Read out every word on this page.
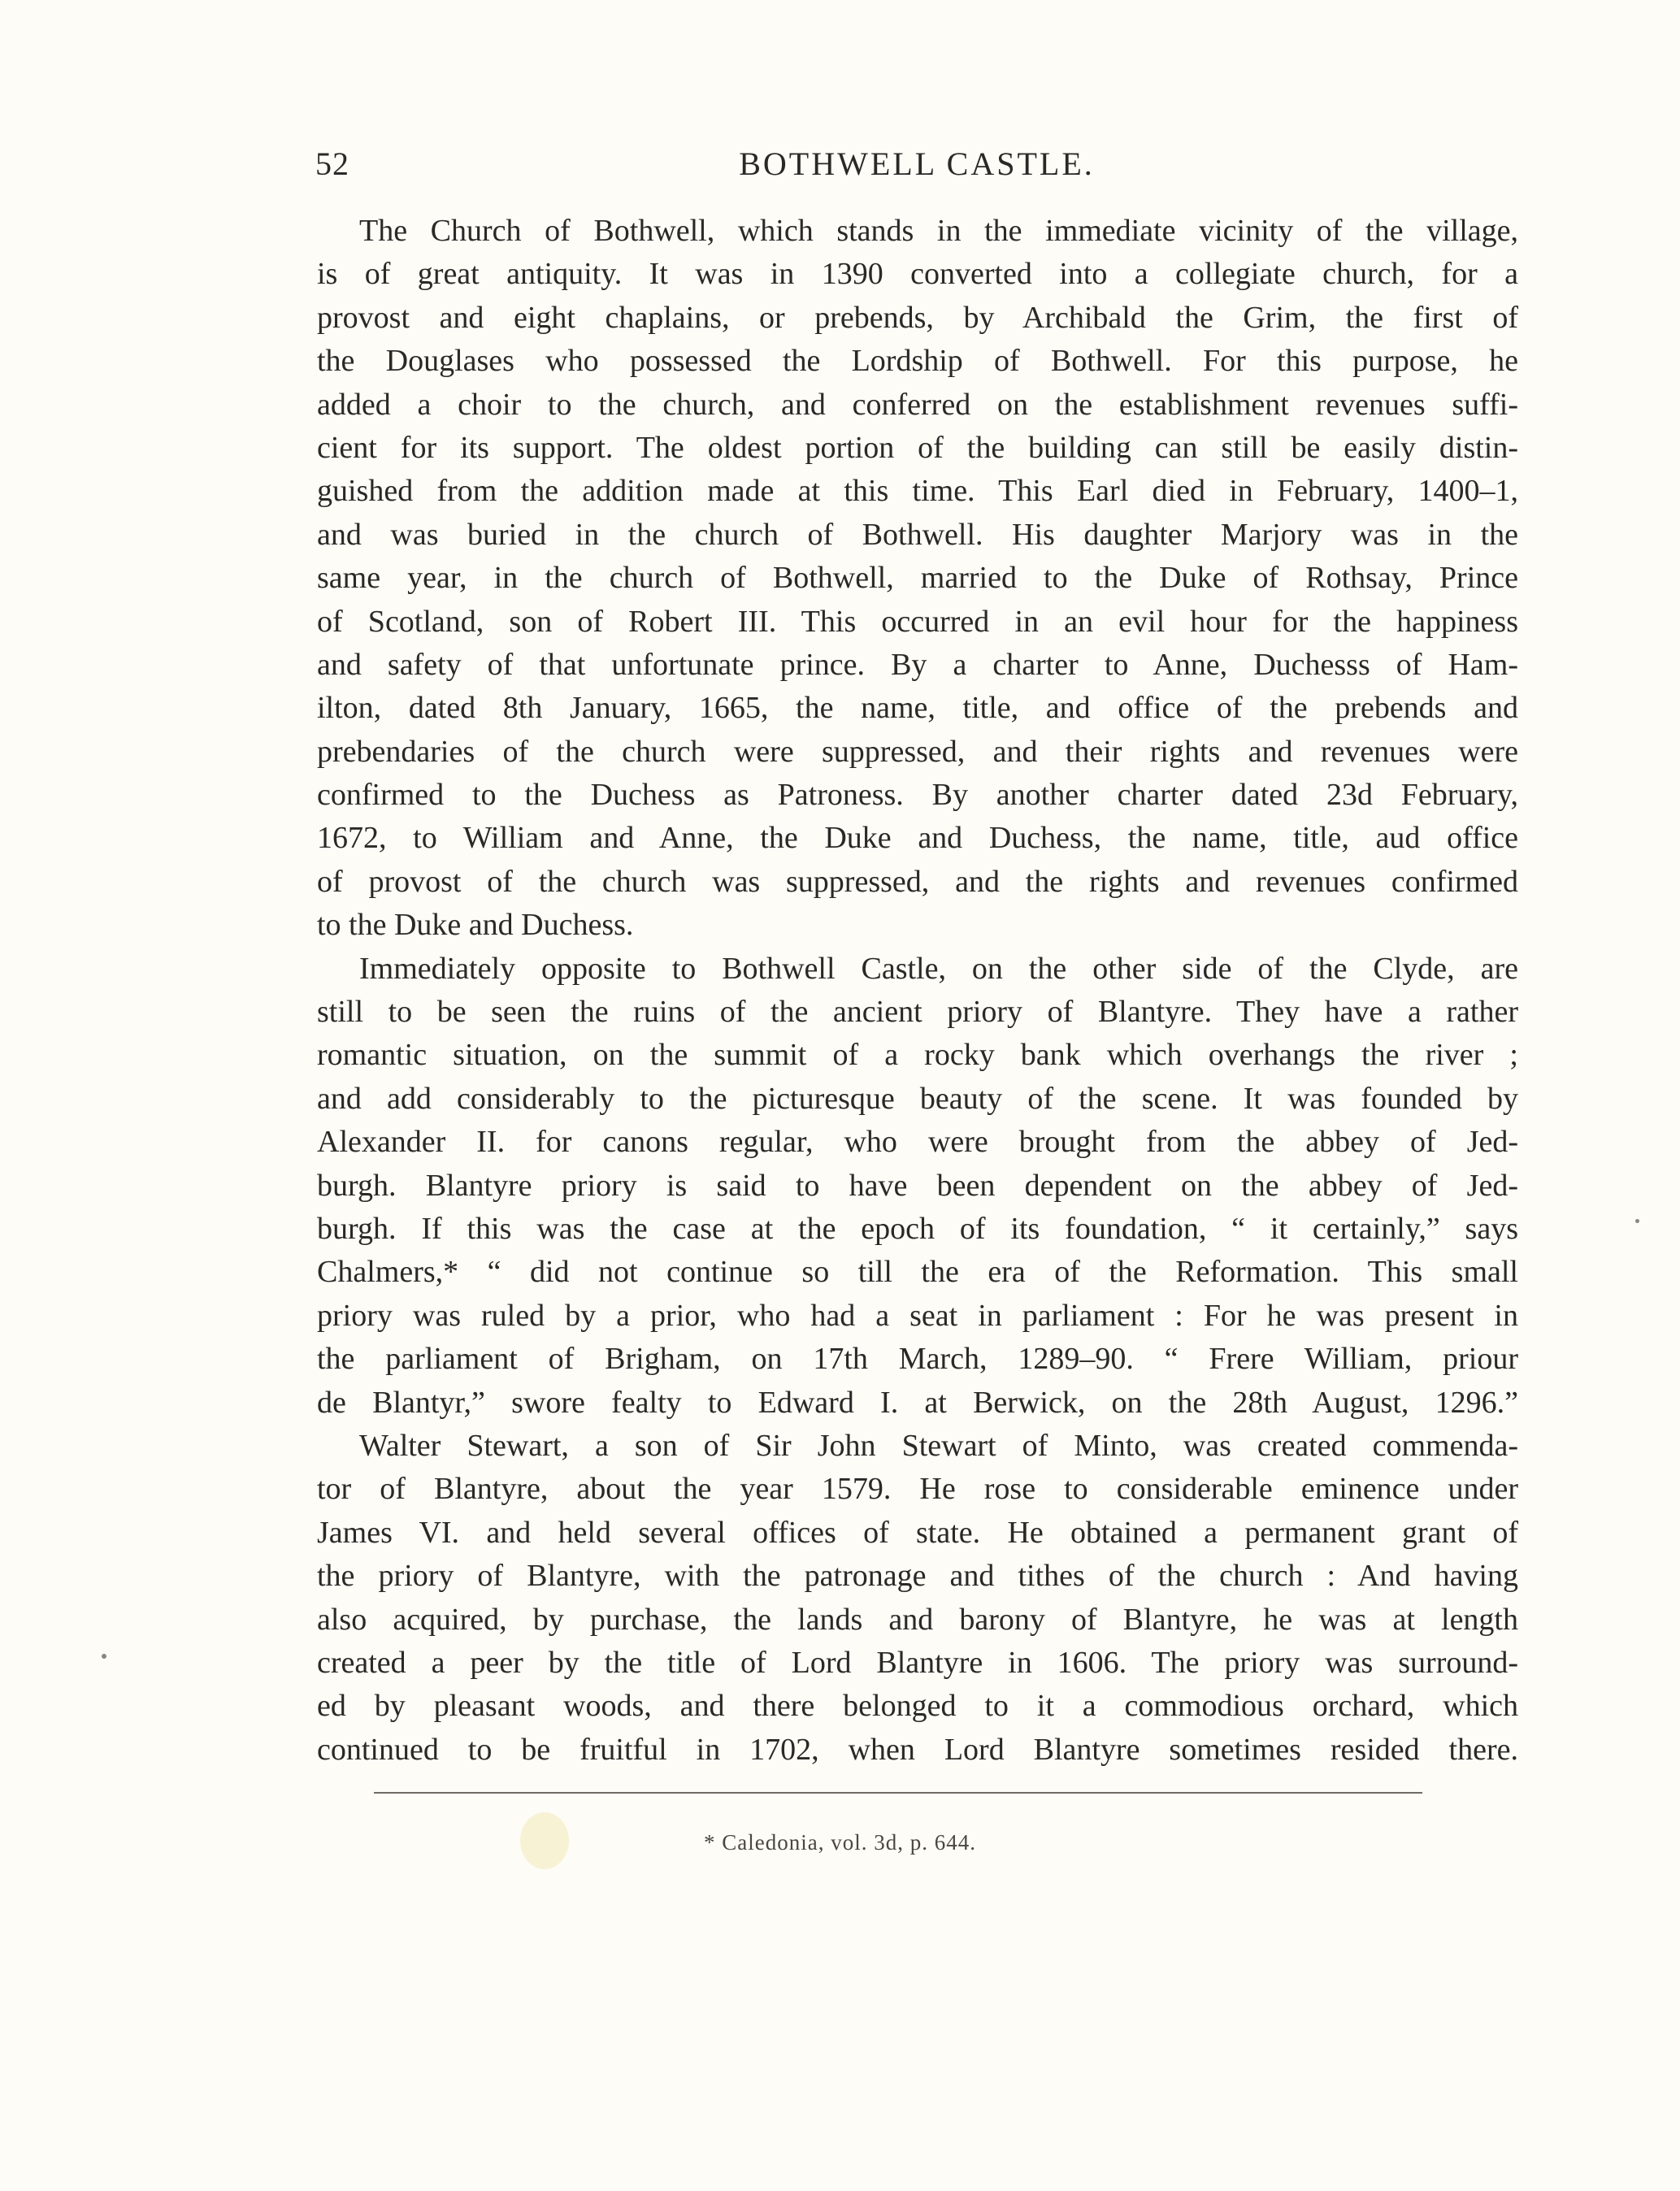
52	BOTHWELL CASTLE.
The Church of Bothwell, which stands in the immediate vicinity of the village,
is of great antiquity. It was in 1390 converted into a collegiate church, for a
provost and eight chaplains, or prebends, by Archibald the Grim, the first of
the Douglases who possessed the Lordship of Bothwell. For this purpose, he
added a choir to the church, and conferred on the establishment revenues suffi-
cient for its support. The oldest portion of the building can still be easily distin-
guished from the addition made at this time. This Earl died in February, 1400–1,
and was buried in the church of Bothwell. His daughter Marjory was in the
same year, in the church of Bothwell, married to the Duke of Rothsay, Prince
of Scotland, son of Robert III. This occurred in an evil hour for the happiness
and safety of that unfortunate prince. By a charter to Anne, Duchesss of Ham-
ilton, dated 8th January, 1665, the name, title, and office of the prebends and
prebendaries of the church were suppressed, and their rights and revenues were
confirmed to the Duchess as Patroness. By another charter dated 23d February,
1672, to William and Anne, the Duke and Duchess, the name, title, aud office
of provost of the church was suppressed, and the rights and revenues confirmed
to the Duke and Duchess.
Immediately opposite to Bothwell Castle, on the other side of the Clyde, are
still to be seen the ruins of the ancient priory of Blantyre. They have a rather
romantic situation, on the summit of a rocky bank which overhangs the river ;
and add considerably to the picturesque beauty of the scene. It was founded by
Alexander II. for canons regular, who were brought from the abbey of Jed-
burgh. Blantyre priory is said to have been dependent on the abbey of Jed-
burgh. If this was the case at the epoch of its foundation, “ it certainly,” says
Chalmers,* “ did not continue so till the era of the Reformation. This small
priory was ruled by a prior, who had a seat in parliament : For he was present in
the parliament of Brigham, on 17th March, 1289–90. “ Frere William, priour
de Blantyr,” swore fealty to Edward I. at Berwick, on the 28th August, 1296.”
Walter Stewart, a son of Sir John Stewart of Minto, was created commenda-
tor of Blantyre, about the year 1579. He rose to considerable eminence under
James VI. and held several offices of state. He obtained a permanent grant of
the priory of Blantyre, with the patronage and tithes of the church : And having
also acquired, by purchase, the lands and barony of Blantyre, he was at length
created a peer by the title of Lord Blantyre in 1606. The priory was surround-
ed by pleasant woods, and there belonged to it a commodious orchard, which
continued to be fruitful in 1702, when Lord Blantyre sometimes resided there.
* Caledonia, vol. 3d, p. 644.
